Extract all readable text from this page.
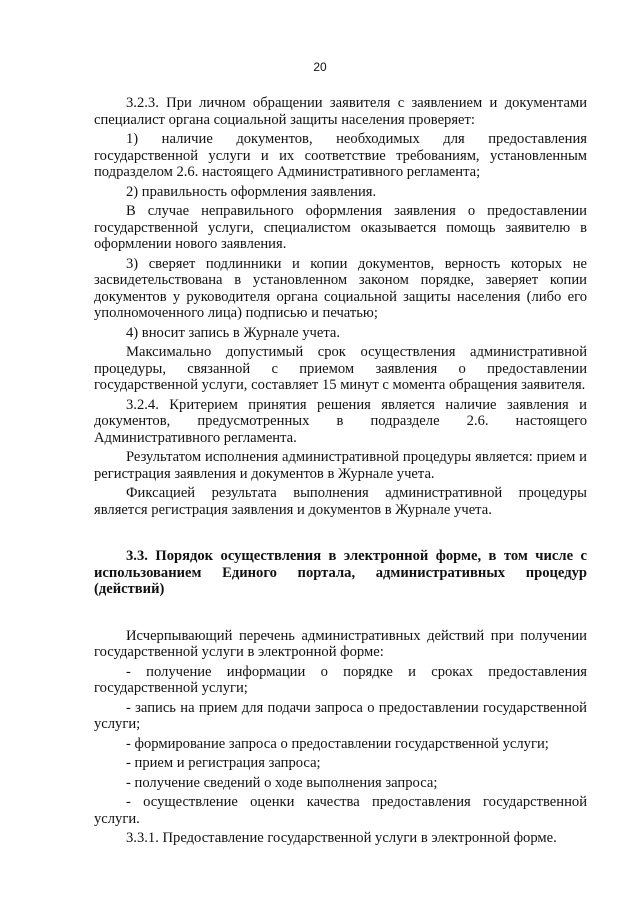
20

3.2.3. При личном обращении заявителя с заявлением и документами специалист органа социальной защиты населения проверяет:

1) наличие документов, необходимых для предоставления государственной услуги и их соответствие требованиям, установленным подразделом 2.6. настоящего Административного регламента;

2) правильность оформления заявления.

В случае неправильного оформления заявления о предоставлении государственной услуги, специалистом оказывается помощь заявителю в оформлении нового заявления.

3) сверяет подлинники и копии документов, верность которых не засвидетельствована в установленном законом порядке, заверяет копии документов у руководителя органа социальной защиты населения (либо его уполномоченного лица) подписью и печатью;

4) вносит запись в Журнале учета.

Максимально допустимый срок осуществления административной процедуры, связанной с приемом заявления о предоставлении государственной услуги, составляет 15 минут с момента обращения заявителя.

3.2.4. Критерием принятия решения является наличие заявления и документов, предусмотренных в подразделе 2.6. настоящего Административного регламента.

Результатом исполнения административной процедуры является: прием и регистрация заявления и документов в Журнале учета.

Фиксацией результата выполнения административной процедуры является регистрация заявления и документов в Журнале учета.

3.3. Порядок осуществления в электронной форме, в том числе с использованием Единого портала, административных процедур (действий)

Исчерпывающий перечень административных действий при получении государственной услуги в электронной форме:

- получение информации о порядке и сроках предоставления государственной услуги;

- запись на прием для подачи запроса о предоставлении государственной услуги;

- формирование запроса о предоставлении государственной услуги;

- прием и регистрация запроса;

- получение сведений о ходе выполнения запроса;

- осуществление оценки качества предоставления государственной услуги.

3.3.1. Предоставление государственной услуги в электронной форме.
